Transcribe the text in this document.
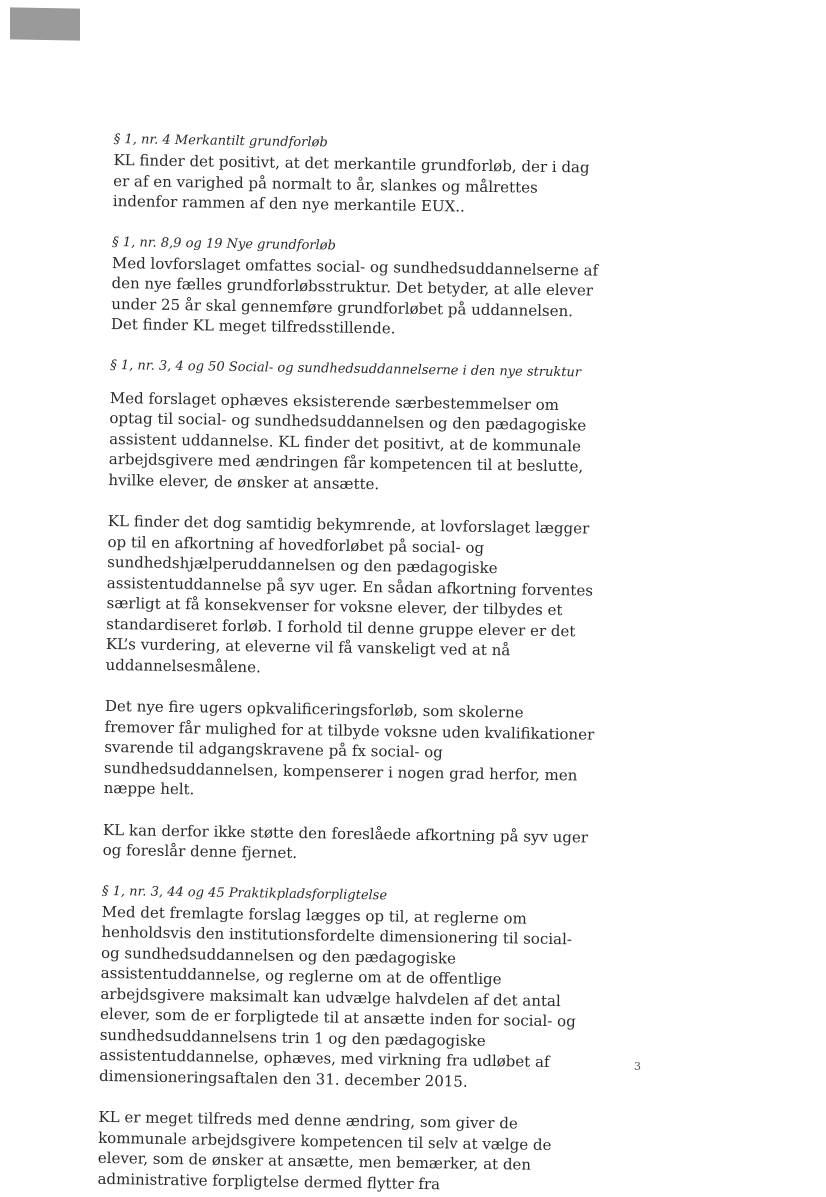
§ 1, nr. 4 Merkantilt grundforløb

KL finder det positivt, at det merkantile grundforløb, der i dag er af en varighed på normalt to år, slankes og målrettes indenfor rammen af den nye merkantile EUX..

§ 1, nr. 8,9 og 19 Nye grundforløb

Med lovforslaget omfattes social- og sundhedsuddannelserne af den nye fælles grundforløbsstruktur. Det betyder, at alle elever under 25 år skal gennemføre grundforløbet på uddannelsen. Det finder KL meget tilfredsstillende.

§ 1, nr. 3, 4 og 50 Social- og sundhedsuddannelserne i den nye struktur

Med forslaget ophæves eksisterende særbestemmelser om optag til social- og sundhedsuddannelsen og den pædagogiske assistent uddannelse. KL finder det positivt, at de kommunale arbejdsgivere med ændringen får kompetencen til at beslutte, hvilke elever, de ønsker at ansætte.

KL finder det dog samtidig bekymrende, at lovforslaget lægger op til en afkortning af hovedforløbet på social- og sundhedshjælperuddannelsen og den pædagogiske assistentuddannelse på syv uger. En sådan afkortning forventes særligt at få konsekvenser for voksne elever, der tilbydes et standardiseret forløb. I forhold til denne gruppe elever er det KL’s vurdering, at eleverne vil få vanskeligt ved at nå uddannelsesmålene.

Det nye fire ugers opkvalificeringsforløb, som skolerne fremover får mulighed for at tilbyde voksne uden kvalifikationer svarende til adgangskravene på fx social- og sundhedsuddannelsen, kompenserer i nogen grad herfor, men næppe helt.

KL kan derfor ikke støtte den foreslåede afkortning på syv uger og foreslår denne fjernet.

§ 1, nr. 3, 44 og 45 Praktikpladsforpligtelse

Med det fremlagte forslag lægges op til, at reglerne om henholdsvis den institutionsfordelte dimensionering til social- og sundhedsuddannelsen og den pædagogiske assistentuddannelse, og reglerne om at de offentlige arbejdsgivere maksimalt kan udvælge halvdelen af det antal elever, som de er forpligtede til at ansætte inden for social- og sundhedsuddannelsens trin 1 og den pædagogiske assistentuddannelse, ophæves, med virkning fra udløbet af dimensioneringsaftalen den 31. december 2015.

KL er meget tilfreds med denne ændring, som giver de kommunale arbejdsgivere kompetencen til selv at vælge de elever, som de ønsker at ansætte, men bemærker, at den administrative forpligtelse dermed flytter fra

3
